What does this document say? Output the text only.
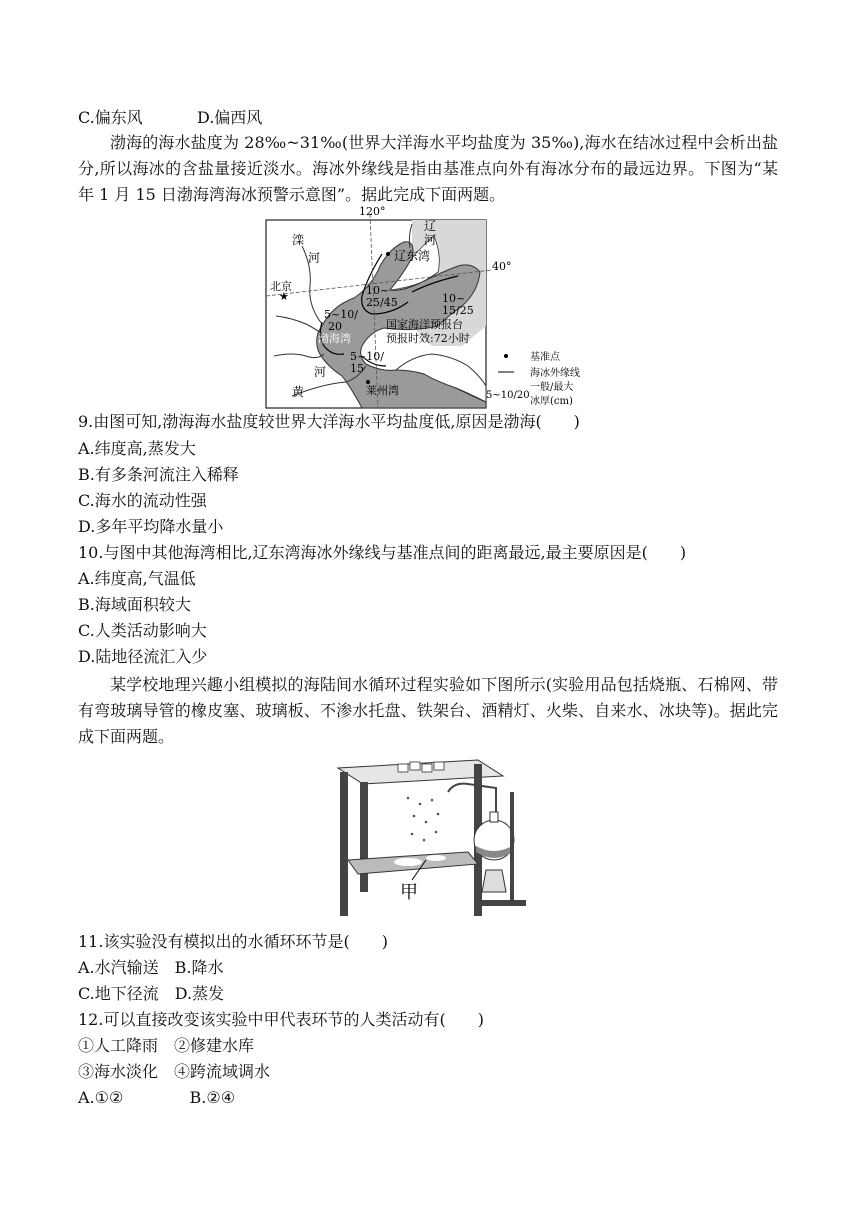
C.偏东风	D.偏西风
渤海的海水盐度为 28‰~31‰(世界大洋海水平均盐度为 35‰),海水在结冰过程中会析出盐分,所以海冰的含盐量接近淡水。海冰外缘线是指由基准点向外有海冰分布的最远边界。下图为“某年 1 月 15 日渤海湾海冰预警示意图”。据此完成下面两题。
★
120°
40°
滦
河
辽
河
辽东湾
北京	10~
25/45	10~
15/25
5~10/
20	国家海洋预报台
预报时效:72小时
渤海湾
5~10/
15
河
黄	莱州湾
基准点
海冰外缘线
一般/最大
冰厚(cm)
5~10/20
9.由图可知,渤海海水盐度较世界大洋海水平均盐度低,原因是渤海(　　)
A.纬度高,蒸发大
B.有多条河流注入稀释
C.海水的流动性强
D.多年平均降水量小
10.与图中其他海湾相比,辽东湾海冰外缘线与基准点间的距离最远,最主要原因是(　　)
A.纬度高,气温低
B.海域面积较大
C.人类活动影响大
D.陆地径流汇入少
某学校地理兴趣小组模拟的海陆间水循环过程实验如下图所示(实验用品包括烧瓶、石棉网、带有弯玻璃导管的橡皮塞、玻璃板、不渗水托盘、铁架台、酒精灯、火柴、自来水、冰块等)。据此完成下面两题。
甲
11.该实验没有模拟出的水循环环节是(　　)
A.水汽输送　B.降水
C.地下径流　D.蒸发
12.可以直接改变该实验中甲代表环节的人类活动有(　　)
①人工降雨　②修建水库
③海水淡化　④跨流域调水
A.①②	B.②④
